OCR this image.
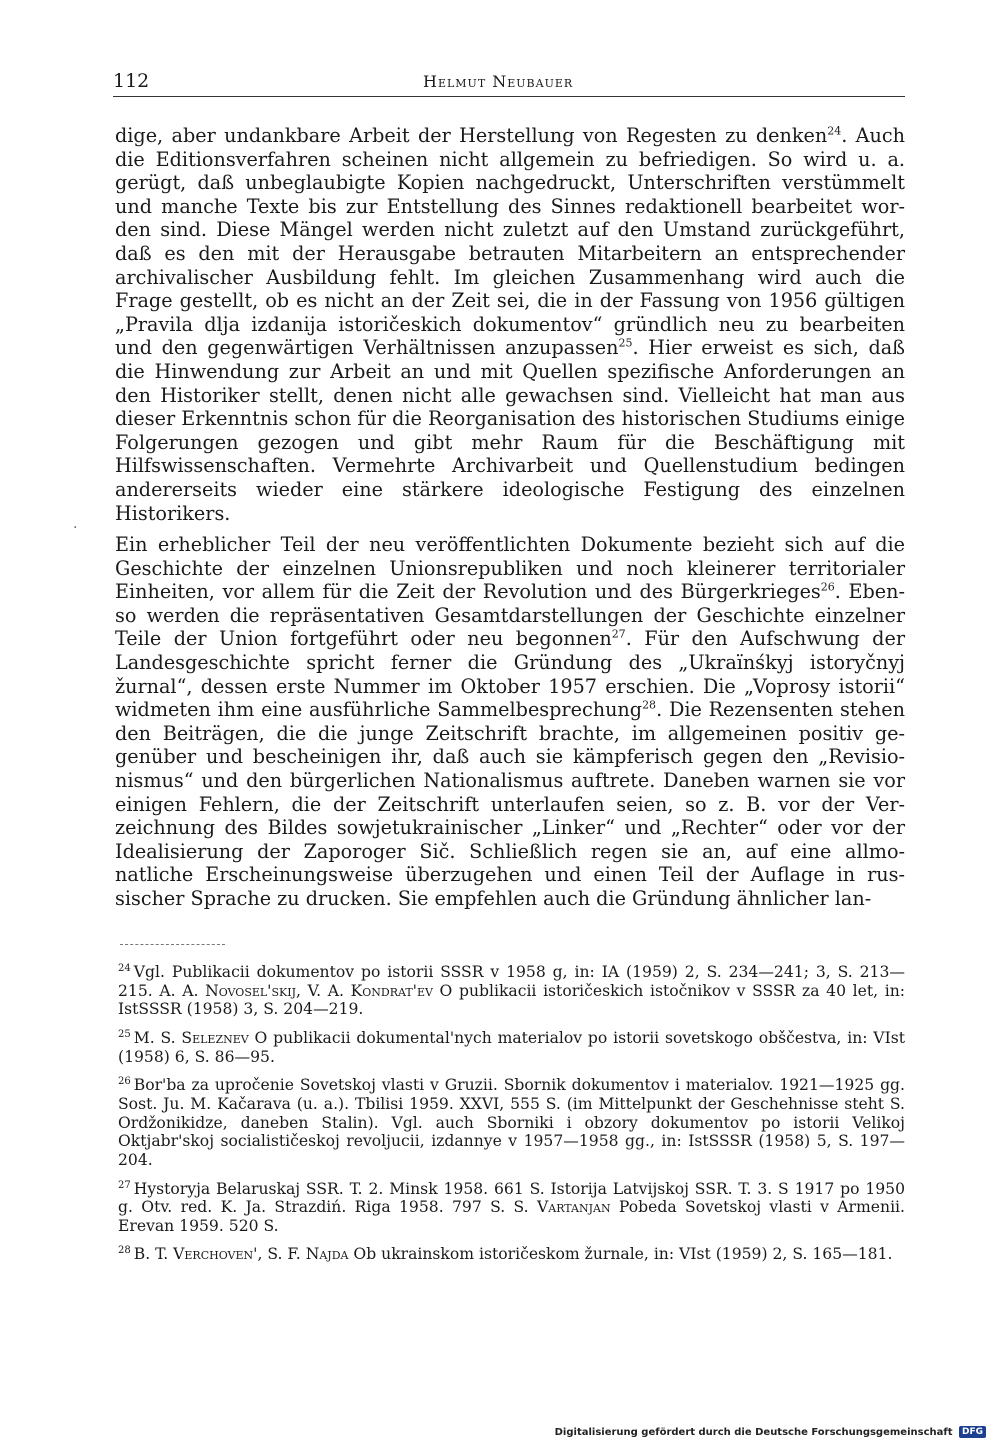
112	Helmut Neubauer

dige, aber undankbare Arbeit der Herstellung von Regesten zu denken$^{24}$. Auch die Editionsverfahren scheinen nicht allgemein zu befriedigen. So wird u. a. gerügt, daß unbeglaubigte Kopien nachgedruckt, Unterschriften verstümmelt und manche Texte bis zur Entstellung des Sinnes redaktionell bearbeitet wor-den sind. Diese Mängel werden nicht zuletzt auf den Umstand zurückgeführt, daß es den mit der Herausgabe betrauten Mitarbeitern an entsprechender archivalischer Ausbildung fehlt. Im gleichen Zusammenhang wird auch die Frage gestellt, ob es nicht an der Zeit sei, die in der Fassung von 1956 gültigen „Pravila dlja izdanija istoričeskich dokumentov“ gründlich neu zu bearbeiten und den gegenwärtigen Verhältnissen anzupassen$^{25}$. Hier erweist es sich, daß die Hinwendung zur Arbeit an und mit Quellen spezifische Anforderungen an den Historiker stellt, denen nicht alle gewachsen sind. Vielleicht hat man aus dieser Erkenntnis schon für die Reorganisation des historischen Studiums einige Folgerungen gezogen und gibt mehr Raum für die Beschäftigung mit Hilfswissenschaften. Vermehrte Archivarbeit und Quellenstudium bedingen andererseits wieder eine stärkere ideologische Festigung des einzelnen Historikers.

Ein erheblicher Teil der neu veröffentlichten Dokumente bezieht sich auf die Geschichte der einzelnen Unionsrepubliken und noch kleinerer territorialer Einheiten, vor allem für die Zeit der Revolution und des Bürgerkrieges$^{26}$. Eben-so werden die repräsentativen Gesamtdarstellungen der Geschichte einzelner Teile der Union fortgeführt oder neu begonnen$^{27}$. Für den Aufschwung der Landesgeschichte spricht ferner die Gründung des „Ukraïnśkyj istoryčnyj žurnal“, dessen erste Nummer im Oktober 1957 erschien. Die „Voprosy istorii“ widmeten ihm eine ausführliche Sammelbesprechung$^{28}$. Die Rezensenten stehen den Beiträgen, die die junge Zeitschrift brachte, im allgemeinen positiv ge-genüber und bescheinigen ihr, daß auch sie kämpferisch gegen den „Revisio-nismus“ und den bürgerlichen Nationalismus auftrete. Daneben warnen sie vor einigen Fehlern, die der Zeitschrift unterlaufen seien, so z. B. vor der Ver-zeichnung des Bildes sowjetukrainischer „Linker“ und „Rechter“ oder vor der Idealisierung der Zaporoger Sič. Schließlich regen sie an, auf eine allmo-natliche Erscheinungsweise überzugehen und einen Teil der Auflage in rus-sischer Sprache zu drucken. Sie empfehlen auch die Gründung ähnlicher lan-

·

$^{24}$ Vgl. Publikacii dokumentov po istorii SSSR v 1958 g, in: IA (1959) 2, S. 234—241; 3, S. 213—215. A. A. Novosel'skij, V. A. Kondrat'ev O publikacii istoričeskich istočnikov v SSSR za 40 let, in: IstSSSR (1958) 3, S. 204—219.

$^{25}$ M. S. Seleznev O publikacii dokumental'nych materialov po istorii sovetskogo obščestva, in: VIst (1958) 6, S. 86—95.

$^{26}$ Bor'ba za upročenie Sovetskoj vlasti v Gruzii. Sbornik dokumentov i materialov. 1921—1925 gg. Sost. Ju. M. Kačarava (u. a.). Tbilisi 1959. XXVI, 555 S. (im Mittelpunkt der Geschehnisse steht S. Ordžonikidze, daneben Stalin). Vgl. auch Sborniki i obzory dokumentov po istorii Velikoj Oktjabr'skoj socialističeskoj revoljucii, izdannye v 1957—1958 gg., in: IstSSSR (1958) 5, S. 197—204.

$^{27}$ Hystoryja Belaruskaj SSR. T. 2. Minsk 1958. 661 S. Istorija Latvijskoj SSR. T. 3. S 1917 po 1950 g. Otv. red. K. Ja. Strazdiń. Riga 1958. 797 S. S. Vartanjan Pobeda Sovetskoj vlasti v Armenii. Erevan 1959. 520 S.

$^{28}$ B. T. Verchoven', S. F. Najda Ob ukrainskom istoričeskom žurnale, in: VIst (1959) 2, S. 165—181.

Digitalisierung gefördert durch die Deutsche Forschungsgemeinschaft DFG
